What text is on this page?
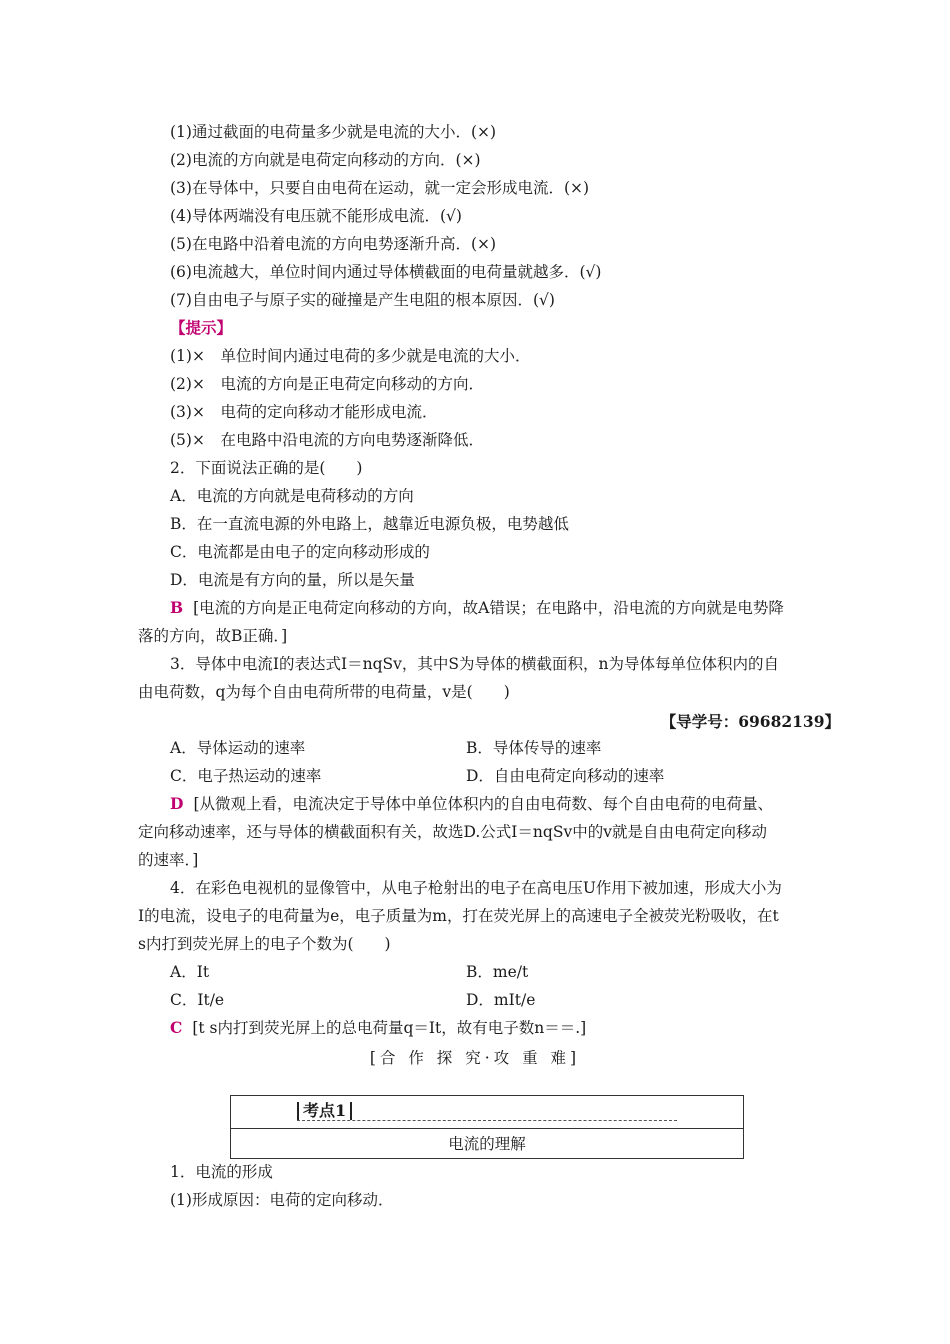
(1)通过截面的电荷量多少就是电流的大小．(×)
(2)电流的方向就是电荷定向移动的方向．(×)
(3)在导体中，只要自由电荷在运动，就一定会形成电流．(×)
(4)导体两端没有电压就不能形成电流．(√)
(5)在电路中沿着电流的方向电势逐渐升高．(×)
(6)电流越大，单位时间内通过导体横截面的电荷量就越多．(√)
(7)自由电子与原子实的碰撞是产生电阻的根本原因．(√)
【提示】
(1)×　单位时间内通过电荷的多少就是电流的大小．
(2)×　电流的方向是正电荷定向移动的方向．
(3)×　电荷的定向移动才能形成电流．
(5)×　在电路中沿电流的方向电势逐渐降低．
2．下面说法正确的是(　　)
A．电流的方向就是电荷移动的方向
B．在一直流电源的外电路上，越靠近电源负极，电势越低
C．电流都是由电子的定向移动形成的
D．电流是有方向的量，所以是矢量
B [电流的方向是正电荷定向移动的方向，故A错误；在电路中，沿电流的方向就是电势降
落的方向，故B正确．]
3．导体中电流I的表达式I＝nqSv，其中S为导体的横截面积，n为导体每单位体积内的自
由电荷数，q为每个自由电荷所带的电荷量，v是(　　)
【导学号：69682139】
A．导体运动的速率	B．导体传导的速率
C．电子热运动的速率	D．自由电荷定向移动的速率
D [从微观上看，电流决定于导体中单位体积内的自由电荷数、每个自由电荷的电荷量、
定向移动速率，还与导体的横截面积有关，故选D.公式I＝nqSv中的v就是自由电荷定向移动
的速率．]
4．在彩色电视机的显像管中，从电子枪射出的电子在高电压U作用下被加速，形成大小为
I的电流，设电子的电荷量为e，电子质量为m，打在荧光屏上的高速电子全被荧光粉吸收，在t
s内打到荧光屏上的电子个数为(　　)
A．It	B．me/t
C．It/e	D．mIt/e
C [t s内打到荧光屏上的总电荷量q＝It，故有电子数n＝＝.]
[合 作 探 究·攻 重 难]
考点1
电流的理解
1．电流的形成
(1)形成原因：电荷的定向移动．
